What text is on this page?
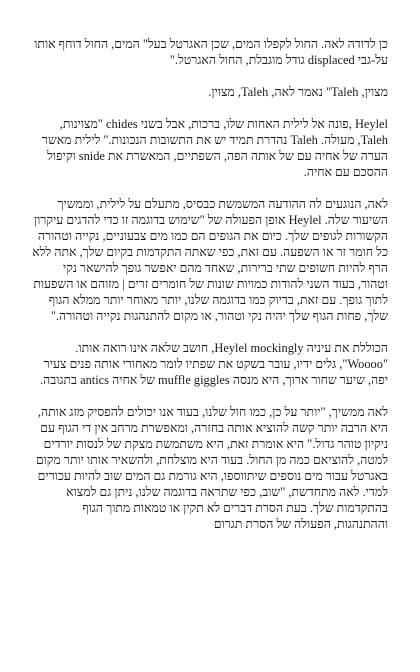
כן לדודה לאה. החול לקפלו המים, שכן האגרטל בעל" המים, החול דוחף אותו על-גבי displaced גודל מוגבלת, החול האגרטל."

מצוין, Taleh" נאמר לאה, Taleh, מצוין.

Heylel ,פונה אל לילית האחות שלו, ברכות, אבל בשני chides "מצוינות, Taleh, מעולה. Taleh נהדרת תמיד יש את התשובות הנכונות." לילית מאשר הערה של אחיה עם של אותה הפה, השפתיים, המאשרת את snide וקיפול ההסכם עם אחיה.

לאה, הנוגעים לה ההודעה המשמשת כבסיס, מתעלם על לילית, וממשיך השיעור שלה. Heylel אופן הפעולה של "שימוש בדוגמה זו כדי להדגים עיקרון הקשורות לגופים שלך. כיום את הגופים הם כמו מים צבעוניים, נקייה וטהורה כל חומר זר או השפעה. עם זאת, כפי שאתה התקדמות בקיום שלך, אתה ללא הרף להיות חשופים שתי ברירות, שאחד מהם יאפשר גופך להישאר נקי וטהור, בעוד השני להודות כמויות שונות של חומרים זרים | מזוהם או השפעות לתוך גופך. עם זאת, בדיוק כמו בדוגמה שלנו, יותר מאוחר יותר ממלא הגוף שלך, פחות הגוף שלך יהיה נקי וטהור, או מקום להתנהגות נקייה וטהורה."

הכוללת את עיניה Heylel mockingly, חושב שלאה אינו רואה אותו. "Woooo", גלים ידיו, עובר בשקט את שפתיו לומר מאחורי אותה פנים צעיר יפה, שיער שחור ארוך, היא מנסה muffle giggles של אחיה antics בתגובה.

לאה ממשיך, "יותר על כן, כמו חול שלנו, בעוד אנו יכולים להפסיק מזג אותה, היא הרבה יותר קשה להוציא אותה בחזרה, ומאפשרת מרחב אין די הגוף עם ניקיון טוהר גדול." היא אומרת זאת, היא משתמשת מצקת של לנסות יורדים למטה, להוציאם כמה מן החול. בעוד היא מוצלחת, ולהשאיר אותו יותר מקום באגרטל עבור מים נוספים שיתווספו, היא גורמת גם המים שוב להיות עכורים למדי. לאה מתחדשת, "שוב, כפי שתראה בדוגמה שלנו, ניתן גם למצוא בהתקדמות שלך. בעת הסרת דברים לא תקין או טמאות מתוך הגוף וההתנהגות, הפעולה של הסרת תגרום
